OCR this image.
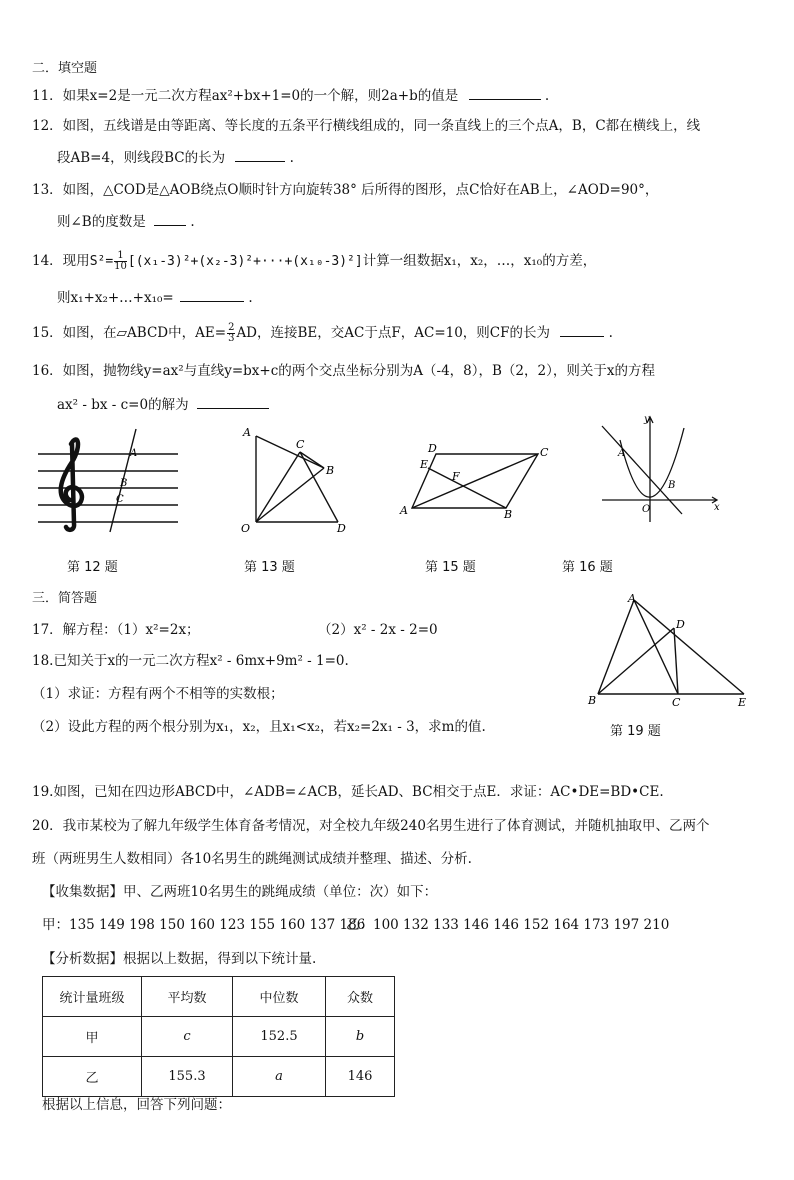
二．填空题
11．如果x=2是一元二次方程ax²+bx+1=0的一个解，则2a+b的值是	.
12．如图，五线谱是由等距离、等长度的五条平行横线组成的，同一条直线上的三个点A，B，C都在横线上，线
段AB=4，则线段BC的长为	.
13．如图，△COD是△AOB绕点O顺时针方向旋转38° 后所得的图形，点C恰好在AB上，∠AOD=90°，
则∠B的度数是	.
14．现用$S^2= \frac{1}{10} [(x_1-3)^2+(x_2-3)^2+\cdot\cdot\cdot+(x_{10}-3)^2]$计算一组数据x₁，x₂，…，x₁₀的方差，
则x₁+x₂+…+x₁₀=	.
15．如图，在▱ABCD中，$AE= \frac{2}{3}$ AD，连接BE，交AC于点F，AC=10，则CF的长为	.
16．如图，抛物线y=ax²与直线y=bx+c的两个交点坐标分别为A（-4，8），B（2，2），则关于x的方程
ax² - bx - c=0的解为
A
B
C
第 12 题
A
C
B
O	D
第 13 题
A	B
C
D
E
F
第 15 题
y
x
A
B
O
第 16 题
三．简答题
17．解方程：（1）x²=2x；	（2）x² - 2x - 2=0
18.已知关于x的一元二次方程x² - 6mx+9m² - 1=0.
（1）求证：方程有两个不相等的实数根；
（2）设此方程的两个根分别为x₁，x₂，且x₁<x₂，若x₂=2x₁ - 3，求m的值.
A
D
B	C	E
第 19 题
19.如图，已知在四边形ABCD中，∠ADB=∠ACB，延长AD、BC相交于点E．求证：AC•DE=BD•CE.
20．我市某校为了解九年级学生体育备考情况，对全校九年级240名男生进行了体育测试，并随机抽取甲、乙两个
班（两班男生人数相同）各10名男生的跳绳测试成绩并整理、描述、分析.
【收集数据】甲、乙两班10名男生的跳绳成绩（单位：次）如下：
甲：135 149 198 150 160 123 155 160 137 186
乙：100 132 133 146 146 152 164 173 197 210
【分析数据】根据以上数据，得到以下统计量.
统计量班级	平均数	中位数	众数
甲	c	152.5	b
乙	155.3	a	146
根据以上信息，回答下列问题：
